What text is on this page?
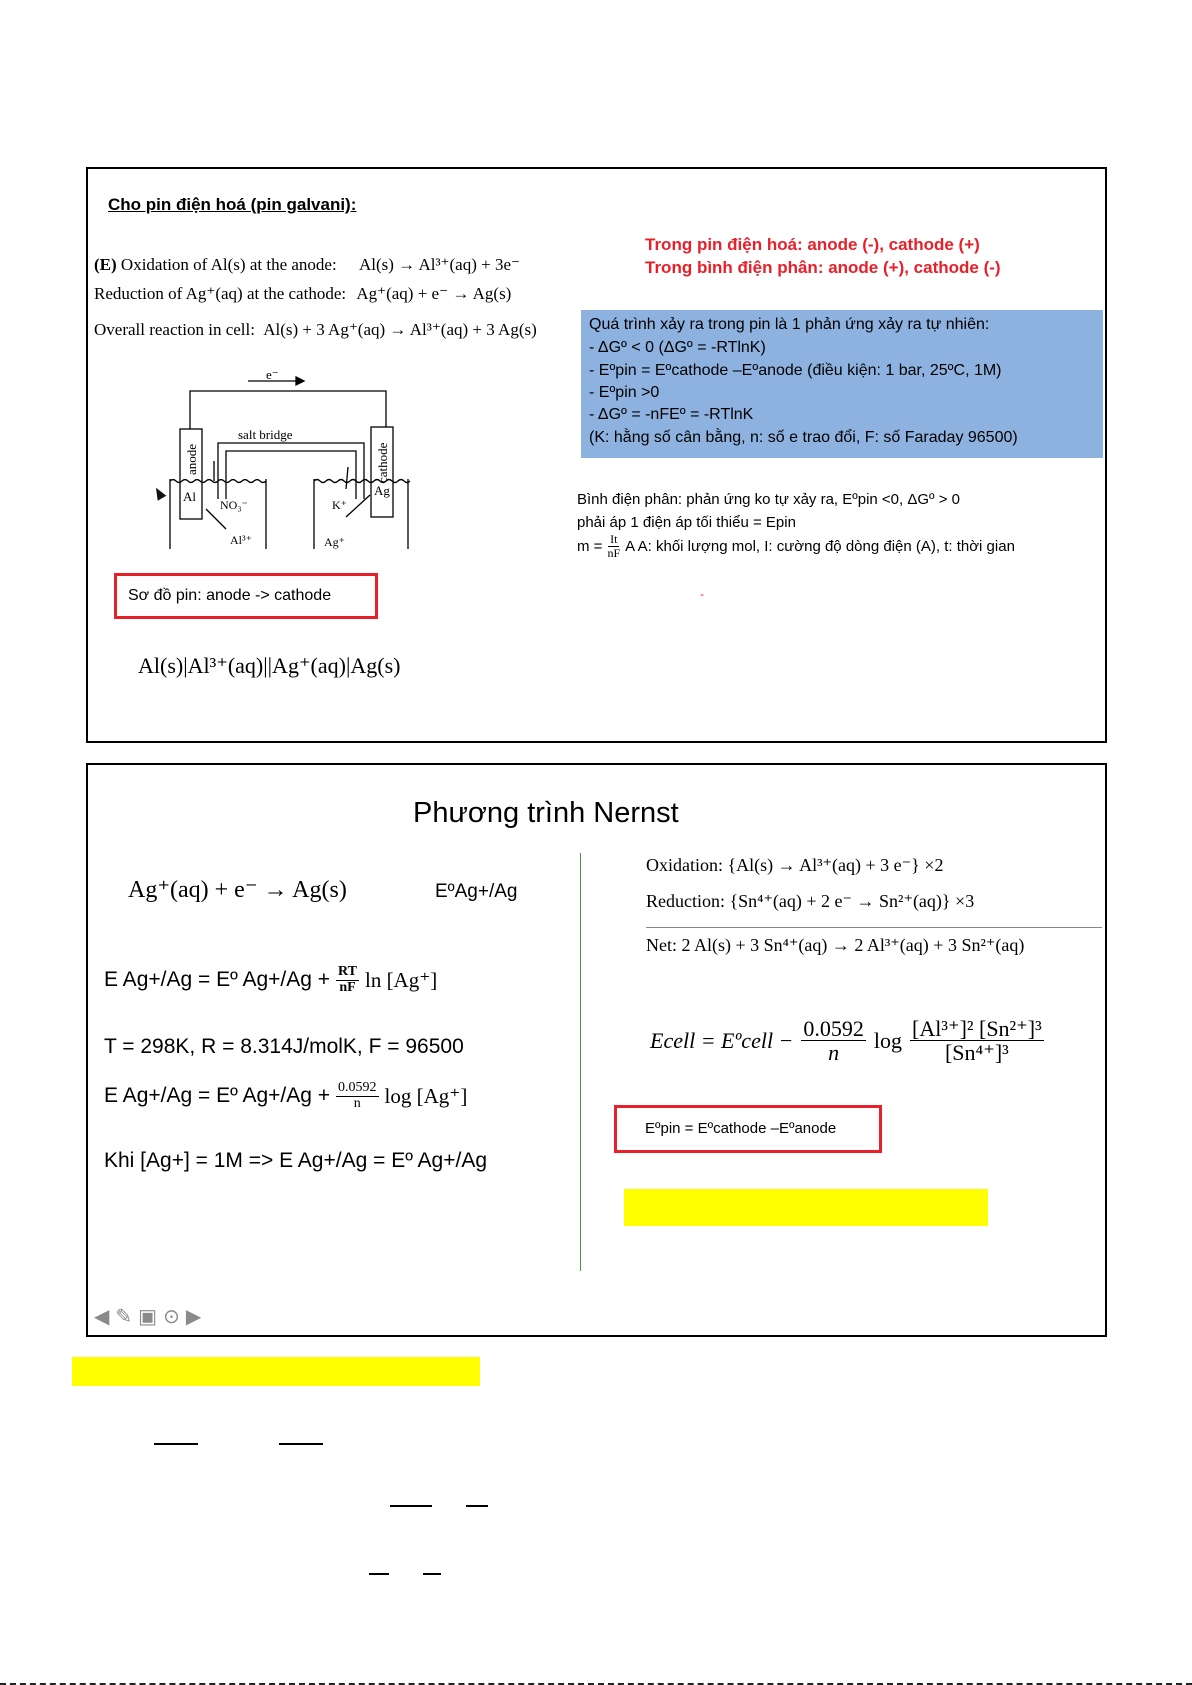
Cho pin điện hoá (pin galvani):
Trong pin điện hoá: anode (-), cathode (+)
Trong bình điện phân: anode (+), cathode (-)
(E) Oxidation of Al(s) at the anode: Al(s) → Al³⁺(aq) + 3e⁻
Reduction of Ag⁺(aq) at the cathode: Ag⁺(aq) + e⁻ → Ag(s)
Overall reaction in cell: Al(s) + 3 Ag⁺(aq) → Al³⁺(aq) + 3 Ag(s)	Quá trình xảy ra trong pin là 1 phản ứng xảy ra tự nhiên:
- ΔGº < 0 (ΔGº = -RTlnK)
- Eºpin = Eºcathode –Eºanode (điều kiện: 1 bar, 25ºC, 1M)
- Eºpin >0
- ΔGº = -nFEº = -RTlnK
(K: hằng số cân bằng, n: số e trao đổi, F: số Faraday 96500)
Bình điện phân: phản ứng ko tự xảy ra, Eºpin <0, ΔGº > 0
phải áp 1 điện áp tối thiểu = Epin
$m = \frac{It}{nF}$ A A: khối lượng mol, I: cường độ dòng điện (A), t: thời gian
-
e⁻
anode	cathode
salt bridge
Al	Ag
NO₃⁻
Al³⁺
K⁺
Ag⁺
Sơ đồ pin: anode -> cathode
Al(s)|Al³⁺(aq)||Ag⁺(aq)|Ag(s)
Phương trình Nernst
Ag⁺(aq) + e⁻ → Ag(s)	EºAg+/Ag
E Ag+/Ag = Eº $Ag+/Ag + \frac{RT}{nF}$ ln [Ag⁺]
T = 298K, R = 8.314J/molK, F = 96500
E Ag+/Ag = Eº $Ag+/Ag + \frac{0.0592}{n}$ log [Ag⁺]
Khi [Ag+] = 1M => E Ag+/Ag = Eº Ag+/Ag
Oxidation: {Al(s) → Al³⁺(aq) + 3 e⁻} ×2
Reduction: {Sn⁴⁺(aq) + 2 e⁻ → Sn²⁺(aq)} ×3
Net: 2 Al(s) + 3 Sn⁴⁺(aq) → 2 Al³⁺(aq) + 3 Sn²⁺(aq)
Ecell = Eºcell − $\frac{0.0592}{n}$ $\log \frac{\text{[Al³⁺]² [Sn²⁺]³}}{\text{[Sn⁴⁺]³}}$
Eºpin = Eºcathode –Eºanode
◀ ✎ ▣ ⊙ ▶
